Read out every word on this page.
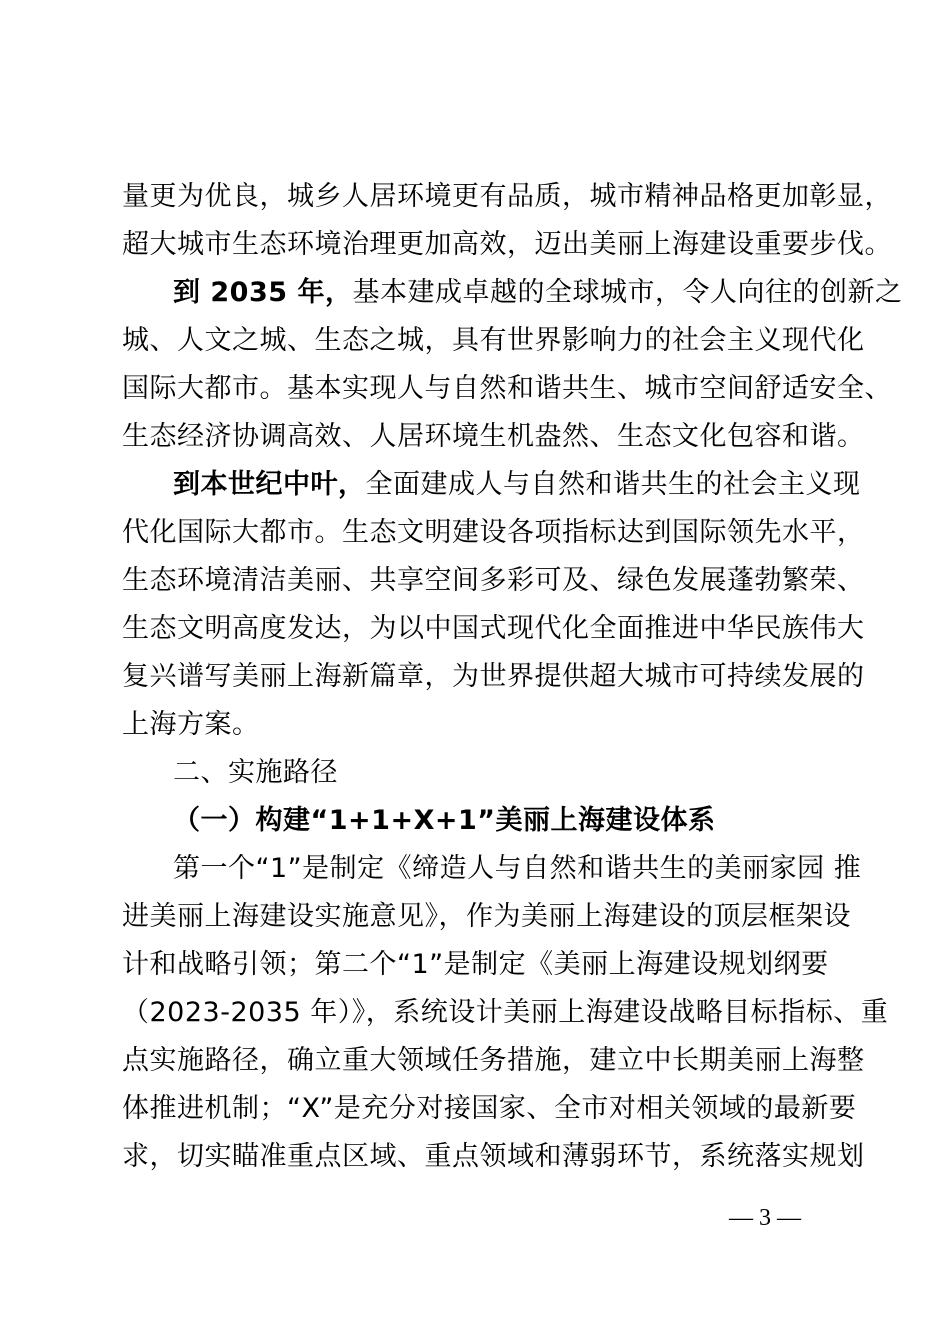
量更为优良，城乡人居环境更有品质，城市精神品格更加彰显，
超大城市生态环境治理更加高效，迈出美丽上海建设重要步伐。
到 2035 年，基本建成卓越的全球城市，令人向往的创新之
城、人文之城、生态之城，具有世界影响力的社会主义现代化
国际大都市。基本实现人与自然和谐共生、城市空间舒适安全、
生态经济协调高效、人居环境生机盎然、生态文化包容和谐。
到本世纪中叶，全面建成人与自然和谐共生的社会主义现
代化国际大都市。生态文明建设各项指标达到国际领先水平，
生态环境清洁美丽、共享空间多彩可及、绿色发展蓬勃繁荣、
生态文明高度发达，为以中国式现代化全面推进中华民族伟大
复兴谱写美丽上海新篇章，为世界提供超大城市可持续发展的
上海方案。
二、实施路径
（一）构建“1+1+X+1”美丽上海建设体系
第一个“1”是制定《缔造人与自然和谐共生的美丽家园 推
进美丽上海建设实施意见》，作为美丽上海建设的顶层框架设
计和战略引领；第二个“1”是制定《美丽上海建设规划纲要
（2023-2035 年）》，系统设计美丽上海建设战略目标指标、重
点实施路径，确立重大领域任务措施，建立中长期美丽上海整
体推进机制；“X”是充分对接国家、全市对相关领域的最新要
求，切实瞄准重点区域、重点领域和薄弱环节，系统落实规划
— 3 —
